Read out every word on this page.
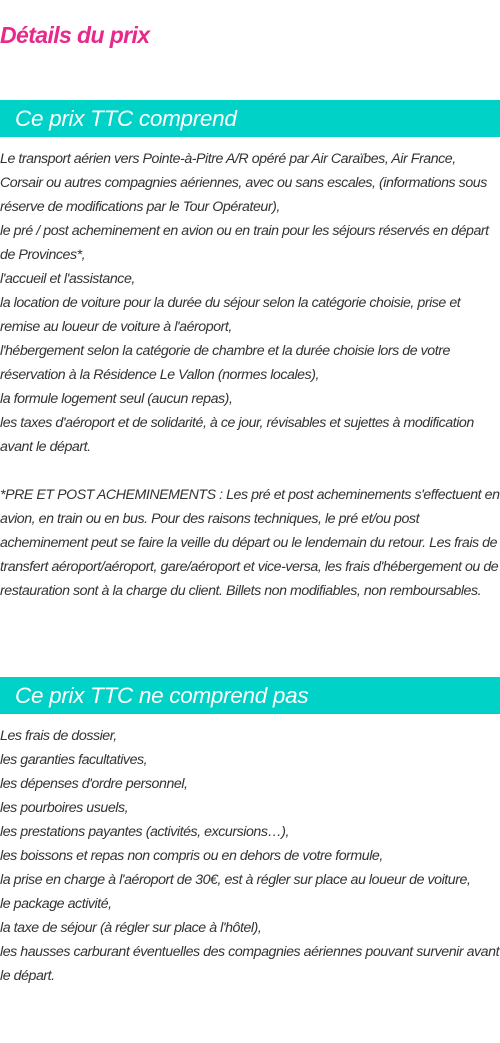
Détails du prix
Ce prix TTC comprend
Le transport aérien vers Pointe-à-Pitre A/R opéré par Air Caraïbes, Air France, Corsair ou autres compagnies aériennes, avec ou sans escales, (informations sous réserve de modifications par le Tour Opérateur),
le pré / post acheminement en avion ou en train pour les séjours réservés en départ de Provinces*,
l'accueil et l'assistance,
la location de voiture pour la durée du séjour selon la catégorie choisie, prise et remise au loueur de voiture à l'aéroport,
l'hébergement selon la catégorie de chambre et la durée choisie lors de votre réservation à la Résidence Le Vallon (normes locales),
la formule logement seul (aucun repas),
les taxes d'aéroport et de solidarité, à ce jour, révisables et sujettes à modification avant le départ.
*PRE ET POST ACHEMINEMENTS : Les pré et post acheminements s'effectuent en avion, en train ou en bus. Pour des raisons techniques, le pré et/ou post acheminement peut se faire la veille du départ ou le lendemain du retour. Les frais de transfert aéroport/aéroport, gare/aéroport et vice-versa, les frais d'hébergement ou de restauration sont à la charge du client. Billets non modifiables, non remboursables.
Ce prix TTC ne comprend pas
Les frais de dossier,
les garanties facultatives,
les dépenses d'ordre personnel,
les pourboires usuels,
les prestations payantes (activités, excursions…),
les boissons et repas non compris ou en dehors de votre formule,
la prise en charge à l'aéroport de 30€, est à régler sur place au loueur de voiture,
le package activité,
la taxe de séjour (à régler sur place à l'hôtel),
les hausses carburant éventuelles des compagnies aériennes pouvant survenir avant le départ.
